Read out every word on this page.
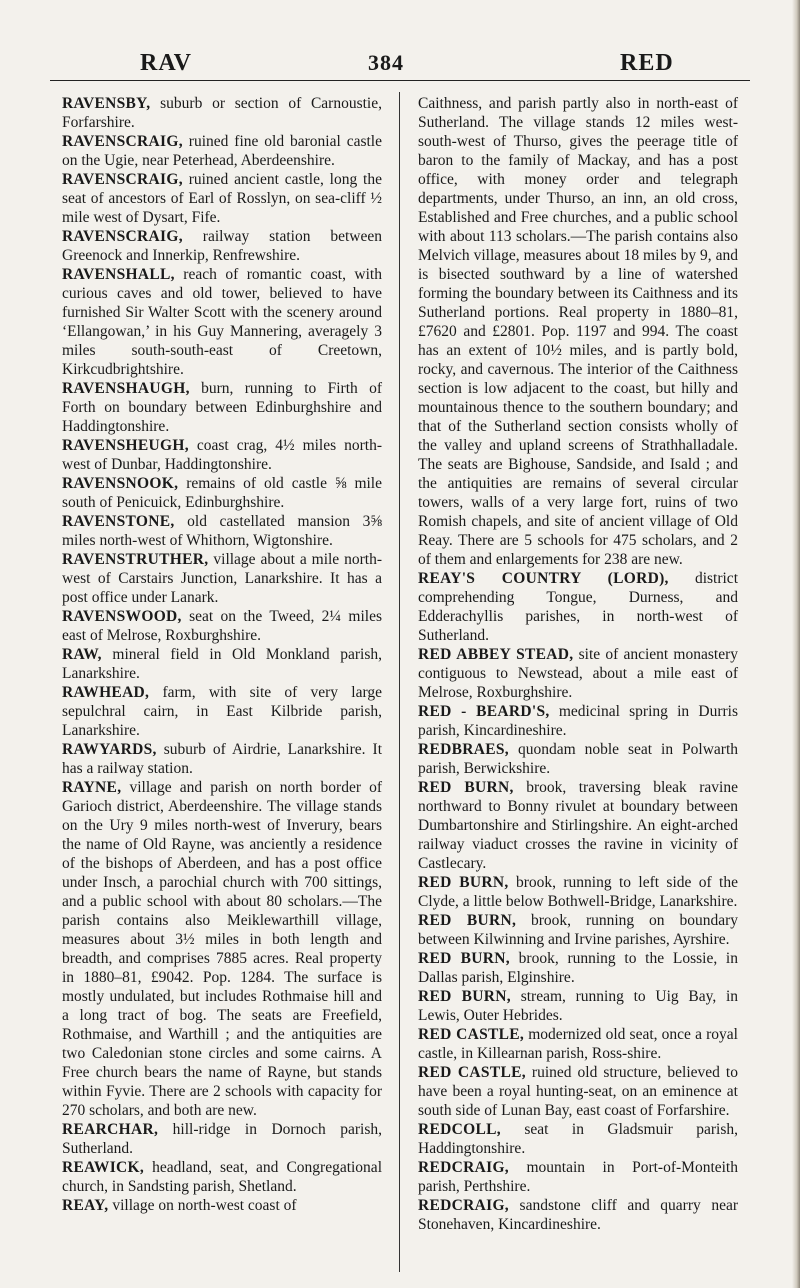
RAV	384	RED

RAVENSBY, suburb or section of Carnoustie, Forfarshire.

RAVENSCRAIG, ruined fine old baronial castle on the Ugie, near Peterhead, Aberdeenshire.

RAVENSCRAIG, ruined ancient castle, long the seat of ancestors of Earl of Rosslyn, on sea-cliff ½ mile west of Dysart, Fife.

RAVENSCRAIG, railway station between Greenock and Innerkip, Renfrewshire.

RAVENSHALL, reach of romantic coast, with curious caves and old tower, believed to have furnished Sir Walter Scott with the scenery around ‘Ellangowan,’ in his Guy Mannering, averagely 3 miles south-south-east of Creetown, Kirkcudbrightshire.

RAVENSHAUGH, burn, running to Firth of Forth on boundary between Edinburghshire and Haddingtonshire.

RAVENSHEUGH, coast crag, 4½ miles north-west of Dunbar, Haddingtonshire.

RAVENSNOOK, remains of old castle ⅝ mile south of Penicuick, Edinburghshire.

RAVENSTONE, old castellated mansion 3⅝ miles north-west of Whithorn, Wigtonshire.

RAVENSTRUTHER, village about a mile north-west of Carstairs Junction, Lanarkshire. It has a post office under Lanark.

RAVENSWOOD, seat on the Tweed, 2¼ miles east of Melrose, Roxburghshire.

RAW, mineral field in Old Monkland parish, Lanarkshire.

RAWHEAD, farm, with site of very large sepulchral cairn, in East Kilbride parish, Lanarkshire.

RAWYARDS, suburb of Airdrie, Lanarkshire. It has a railway station.

RAYNE, village and parish on north border of Garioch district, Aberdeenshire. The village stands on the Ury 9 miles north-west of Inverury, bears the name of Old Rayne, was anciently a residence of the bishops of Aberdeen, and has a post office under Insch, a parochial church with 700 sittings, and a public school with about 80 scholars.—The parish contains also Meiklewarthill village, measures about 3½ miles in both length and breadth, and comprises 7885 acres. Real property in 1880–81, £9042. Pop. 1284. The surface is mostly undulated, but includes Rothmaise hill and a long tract of bog. The seats are Freefield, Rothmaise, and Warthill ; and the antiquities are two Caledonian stone circles and some cairns. A Free church bears the name of Rayne, but stands within Fyvie. There are 2 schools with capacity for 270 scholars, and both are new.

REARCHAR, hill-ridge in Dornoch parish, Sutherland.

REAWICK, headland, seat, and Congregational church, in Sandsting parish, Shetland.

REAY, village on north-west coast of

Caithness, and parish partly also in north-east of Sutherland. The village stands 12 miles west-south-west of Thurso, gives the peerage title of baron to the family of Mackay, and has a post office, with money order and telegraph departments, under Thurso, an inn, an old cross, Established and Free churches, and a public school with about 113 scholars.—The parish contains also Melvich village, measures about 18 miles by 9, and is bisected southward by a line of watershed forming the boundary between its Caithness and its Sutherland portions. Real property in 1880–81, £7620 and £2801. Pop. 1197 and 994. The coast has an extent of 10½ miles, and is partly bold, rocky, and cavernous. The interior of the Caithness section is low adjacent to the coast, but hilly and mountainous thence to the southern boundary; and that of the Sutherland section consists wholly of the valley and upland screens of Strathhalladale. The seats are Bighouse, Sandside, and Isald ; and the antiquities are remains of several circular towers, walls of a very large fort, ruins of two Romish chapels, and site of ancient village of Old Reay. There are 5 schools for 475 scholars, and 2 of them and enlargements for 238 are new.

REAY'S COUNTRY (LORD), district comprehending Tongue, Durness, and Edderachyllis parishes, in north-west of Sutherland.

RED ABBEY STEAD, site of ancient monastery contiguous to Newstead, about a mile east of Melrose, Roxburghshire.

RED - BEARD'S, medicinal spring in Durris parish, Kincardineshire.

REDBRAES, quondam noble seat in Polwarth parish, Berwickshire.

RED BURN, brook, traversing bleak ravine northward to Bonny rivulet at boundary between Dumbartonshire and Stirlingshire. An eight-arched railway viaduct crosses the ravine in vicinity of Castlecary.

RED BURN, brook, running to left side of the Clyde, a little below Bothwell-Bridge, Lanarkshire.

RED BURN, brook, running on boundary between Kilwinning and Irvine parishes, Ayrshire.

RED BURN, brook, running to the Lossie, in Dallas parish, Elginshire.

RED BURN, stream, running to Uig Bay, in Lewis, Outer Hebrides.

RED CASTLE, modernized old seat, once a royal castle, in Killearnan parish, Ross-shire.

RED CASTLE, ruined old structure, believed to have been a royal hunting-seat, on an eminence at south side of Lunan Bay, east coast of Forfarshire.

REDCOLL, seat in Gladsmuir parish, Haddingtonshire.

REDCRAIG, mountain in Port-of-Monteith parish, Perthshire.

REDCRAIG, sandstone cliff and quarry near Stonehaven, Kincardineshire.
